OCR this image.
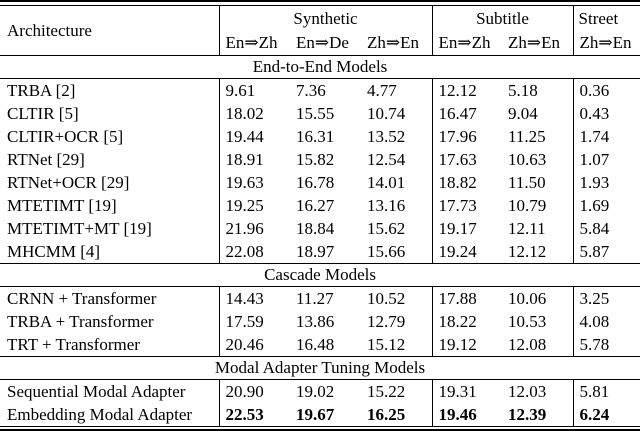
Architecture	Synthetic			Subtitle		Street
	En⇒Zh	En⇒De	Zh⇒En	En⇒Zh	Zh⇒En	Zh⇒En
End-to-End Models						
TRBA [2]	9.61	7.36	4.77	12.12	5.18	0.36
CLTIR [5]	18.02	15.55	10.74	16.47	9.04	0.43
CLTIR+OCR [5]	19.44	16.31	13.52	17.96	11.25	1.74
RTNet [29]	18.91	15.82	12.54	17.63	10.63	1.07
RTNet+OCR [29]	19.63	16.78	14.01	18.82	11.50	1.93
MTETIMT [19]	19.25	16.27	13.16	17.73	10.79	1.69
MTETIMT+MT [19]	21.96	18.84	15.62	19.17	12.11	5.84
MHCMM [4]	22.08	18.97	15.66	19.24	12.12	5.87
Cascade Models						
CRNN + Transformer	14.43	11.27	10.52	17.88	10.06	3.25
TRBA + Transformer	17.59	13.86	12.79	18.22	10.53	4.08
TRT + Transformer	20.46	16.48	15.12	19.12	12.08	5.78
Modal Adapter Tuning Models						
Sequential Modal Adapter	20.90	19.02	15.22	19.31	12.03	5.81
Embedding Modal Adapter	22.53	19.67	16.25	19.46	12.39	6.24
